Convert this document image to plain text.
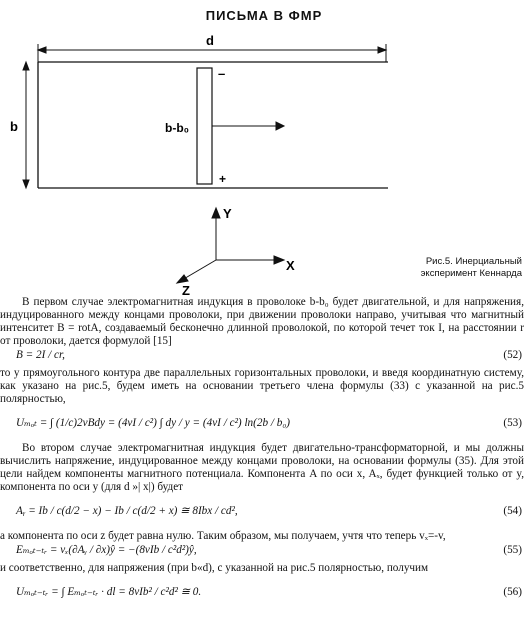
ПИСЬМА В ФМР
d
b	b-b₀
–
+
Y
X
Z
Рис.5. Инерциальный
эксперимент Кеннарда

В первом случае электромагнитная индукция в проволоке b-b₀ будет двигательной, и для напряжения, индуцированного между концами проволоки, при движении проволоки направо, учитывая что магнитный интенситет B = rotA, создаваемый бесконечно длинной проволокой, по которой течет ток I, на расстоянии r от проволоки, дается формулой [15]

B = 2I / cr,	(52)

то у прямоугольного контура две параллельных горизонтальных проволоки, и введя координатную систему, как указано на рис.5, будем иметь на основании третьего члена формулы (33) с указанной на рис.5 полярностью,

Uₘₒₜ = ∫ (1/c)2vBdy = (4vI / c²) ∫ dy / y = (4vI / c²) ln(2b / b₀)	(53)

Во втором случае электромагнитная индукция будет двигательно-трансформаторной, и мы должны вычислить напряжение, индуцированное между концами проволоки, на основании формулы (35). Для этой цели найдем компоненты магнитного потенциала. Компонента A по оси x, Aₓ, будет функцией только от y, компонента по оси y (для d »| x|) будет

Aᵧ = Ib / c(d/2 − x) − Ib / c(d/2 + x) ≅ 8Ibx / cd²,	(54)

а компонента по оси z будет равна нулю. Таким образом, мы получаем, учтя что теперь vₓ=-v,

Eₘₒₜ₋ₜᵣ = vₓ(∂Aᵧ / ∂x)ŷ = −(8vIb / c²d²)ŷ,	(55)

и соответственно, для напряжения (при b«d), с указанной на рис.5 полярностью, получим

Uₘₒₜ₋ₜᵣ = ∫ Eₘₒₜ₋ₜᵣ · dl = 8vIb² / c²d² ≅ 0.	(56)
